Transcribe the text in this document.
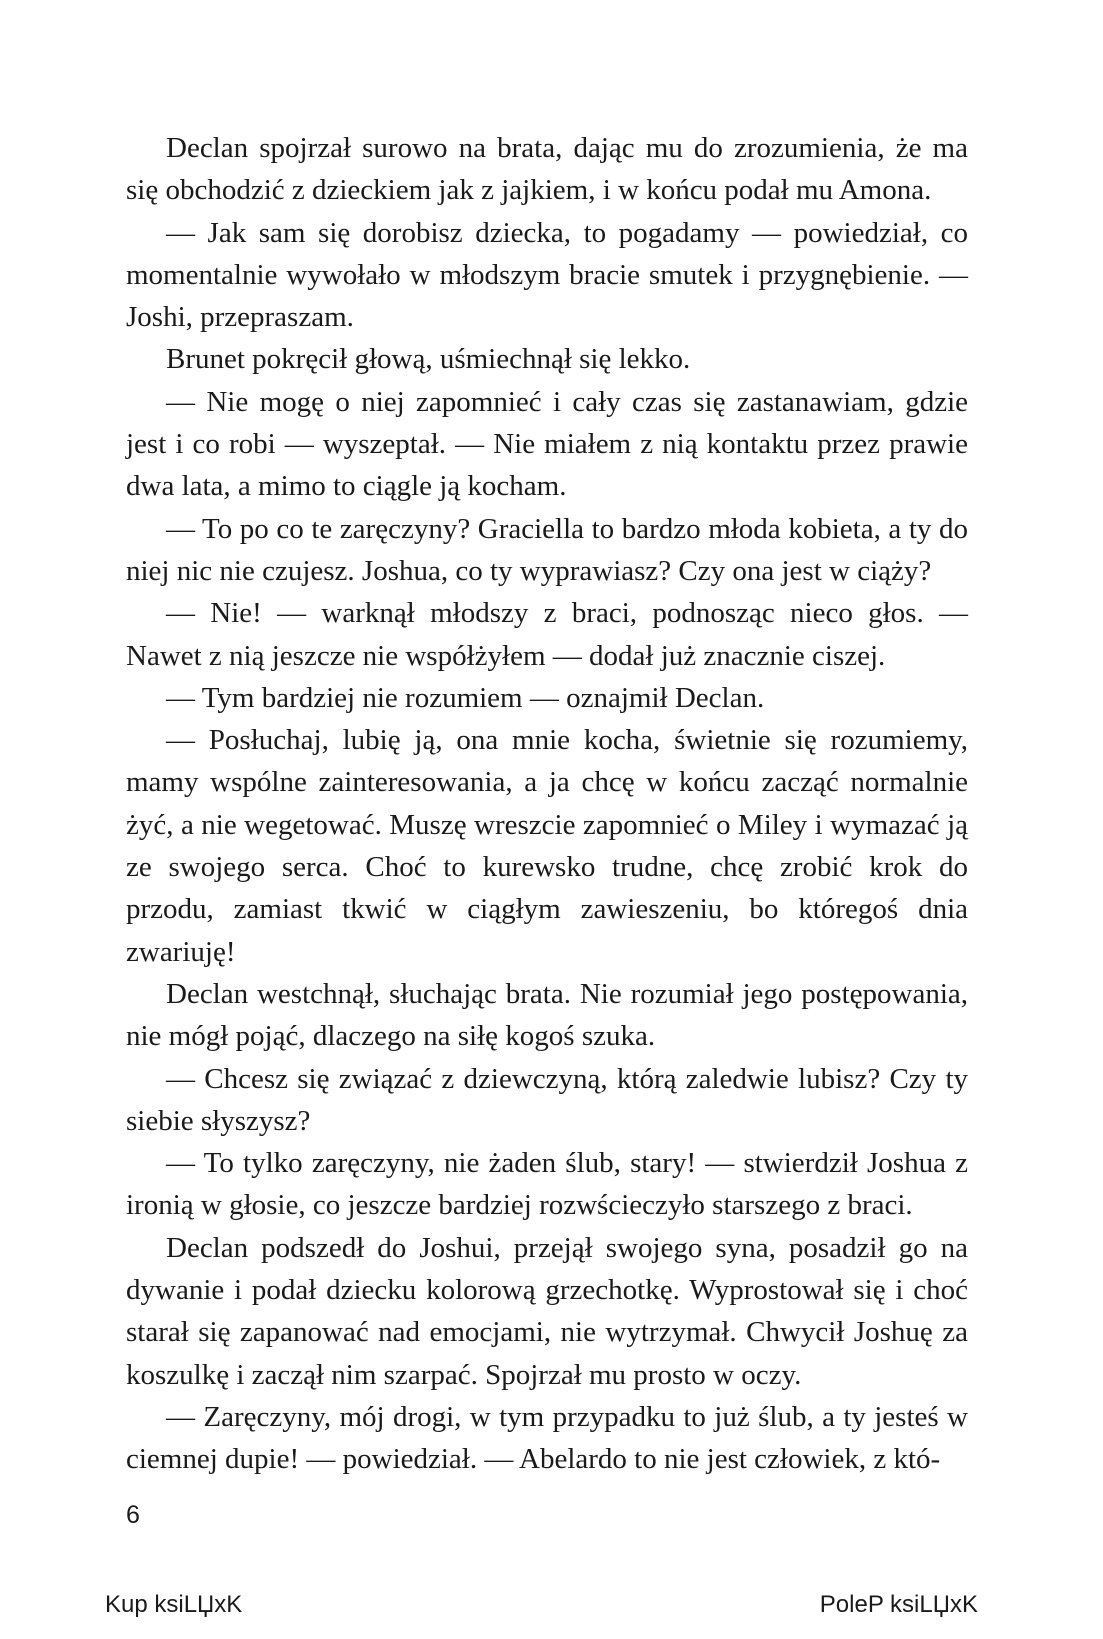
Declan spojrzał surowo na brata, dając mu do zrozumienia, że ma się obchodzić z dzieckiem jak z jajkiem, i w końcu podał mu Amona.

— Jak sam się dorobisz dziecka, to pogadamy — powiedział, co momentalnie wywołało w młodszym bracie smutek i przygnębienie. — Joshi, przepraszam.

Brunet pokręcił głową, uśmiechnął się lekko.

— Nie mogę o niej zapomnieć i cały czas się zastanawiam, gdzie jest i co robi — wyszeptał. — Nie miałem z nią kontaktu przez prawie dwa lata, a mimo to ciągle ją kocham.

— To po co te zaręczyny? Graciella to bardzo młoda kobieta, a ty do niej nic nie czujesz. Joshua, co ty wyprawiasz? Czy ona jest w ciąży?

— Nie! — warknął młodszy z braci, podnosząc nieco głos. — Nawet z nią jeszcze nie współżyłem — dodał już znacznie ciszej.

— Tym bardziej nie rozumiem — oznajmił Declan.

— Posłuchaj, lubię ją, ona mnie kocha, świetnie się rozumiemy, mamy wspólne zainteresowania, a ja chcę w końcu zacząć normalnie żyć, a nie wegetować. Muszę wreszcie zapomnieć o Miley i wymazać ją ze swojego serca. Choć to kurewsko trudne, chcę zrobić krok do przodu, zamiast tkwić w ciągłym zawieszeniu, bo któregoś dnia zwariuję!

Declan westchnął, słuchając brata. Nie rozumiał jego postępowania, nie mógł pojąć, dlaczego na siłę kogoś szuka.

— Chcesz się związać z dziewczyną, którą zaledwie lubisz? Czy ty siebie słyszysz?

— To tylko zaręczyny, nie żaden ślub, stary! — stwierdził Joshua z ironią w głosie, co jeszcze bardziej rozwścieczyło starszego z braci.

Declan podszedł do Joshui, przejął swojego syna, posadził go na dywanie i podał dziecku kolorową grzechotkę. Wyprostował się i choć starał się zapanować nad emocjami, nie wytrzymał. Chwycił Joshuę za koszulkę i zaczął nim szarpać. Spojrzał mu prosto w oczy.

— Zaręczyny, mój drogi, w tym przypadku to już ślub, a ty jesteś w ciemnej dupie! — powiedział. — Abelardo to nie jest człowiek, z któ-

6
Kup ksiLЏxK	PoleP ksiLЏxK
